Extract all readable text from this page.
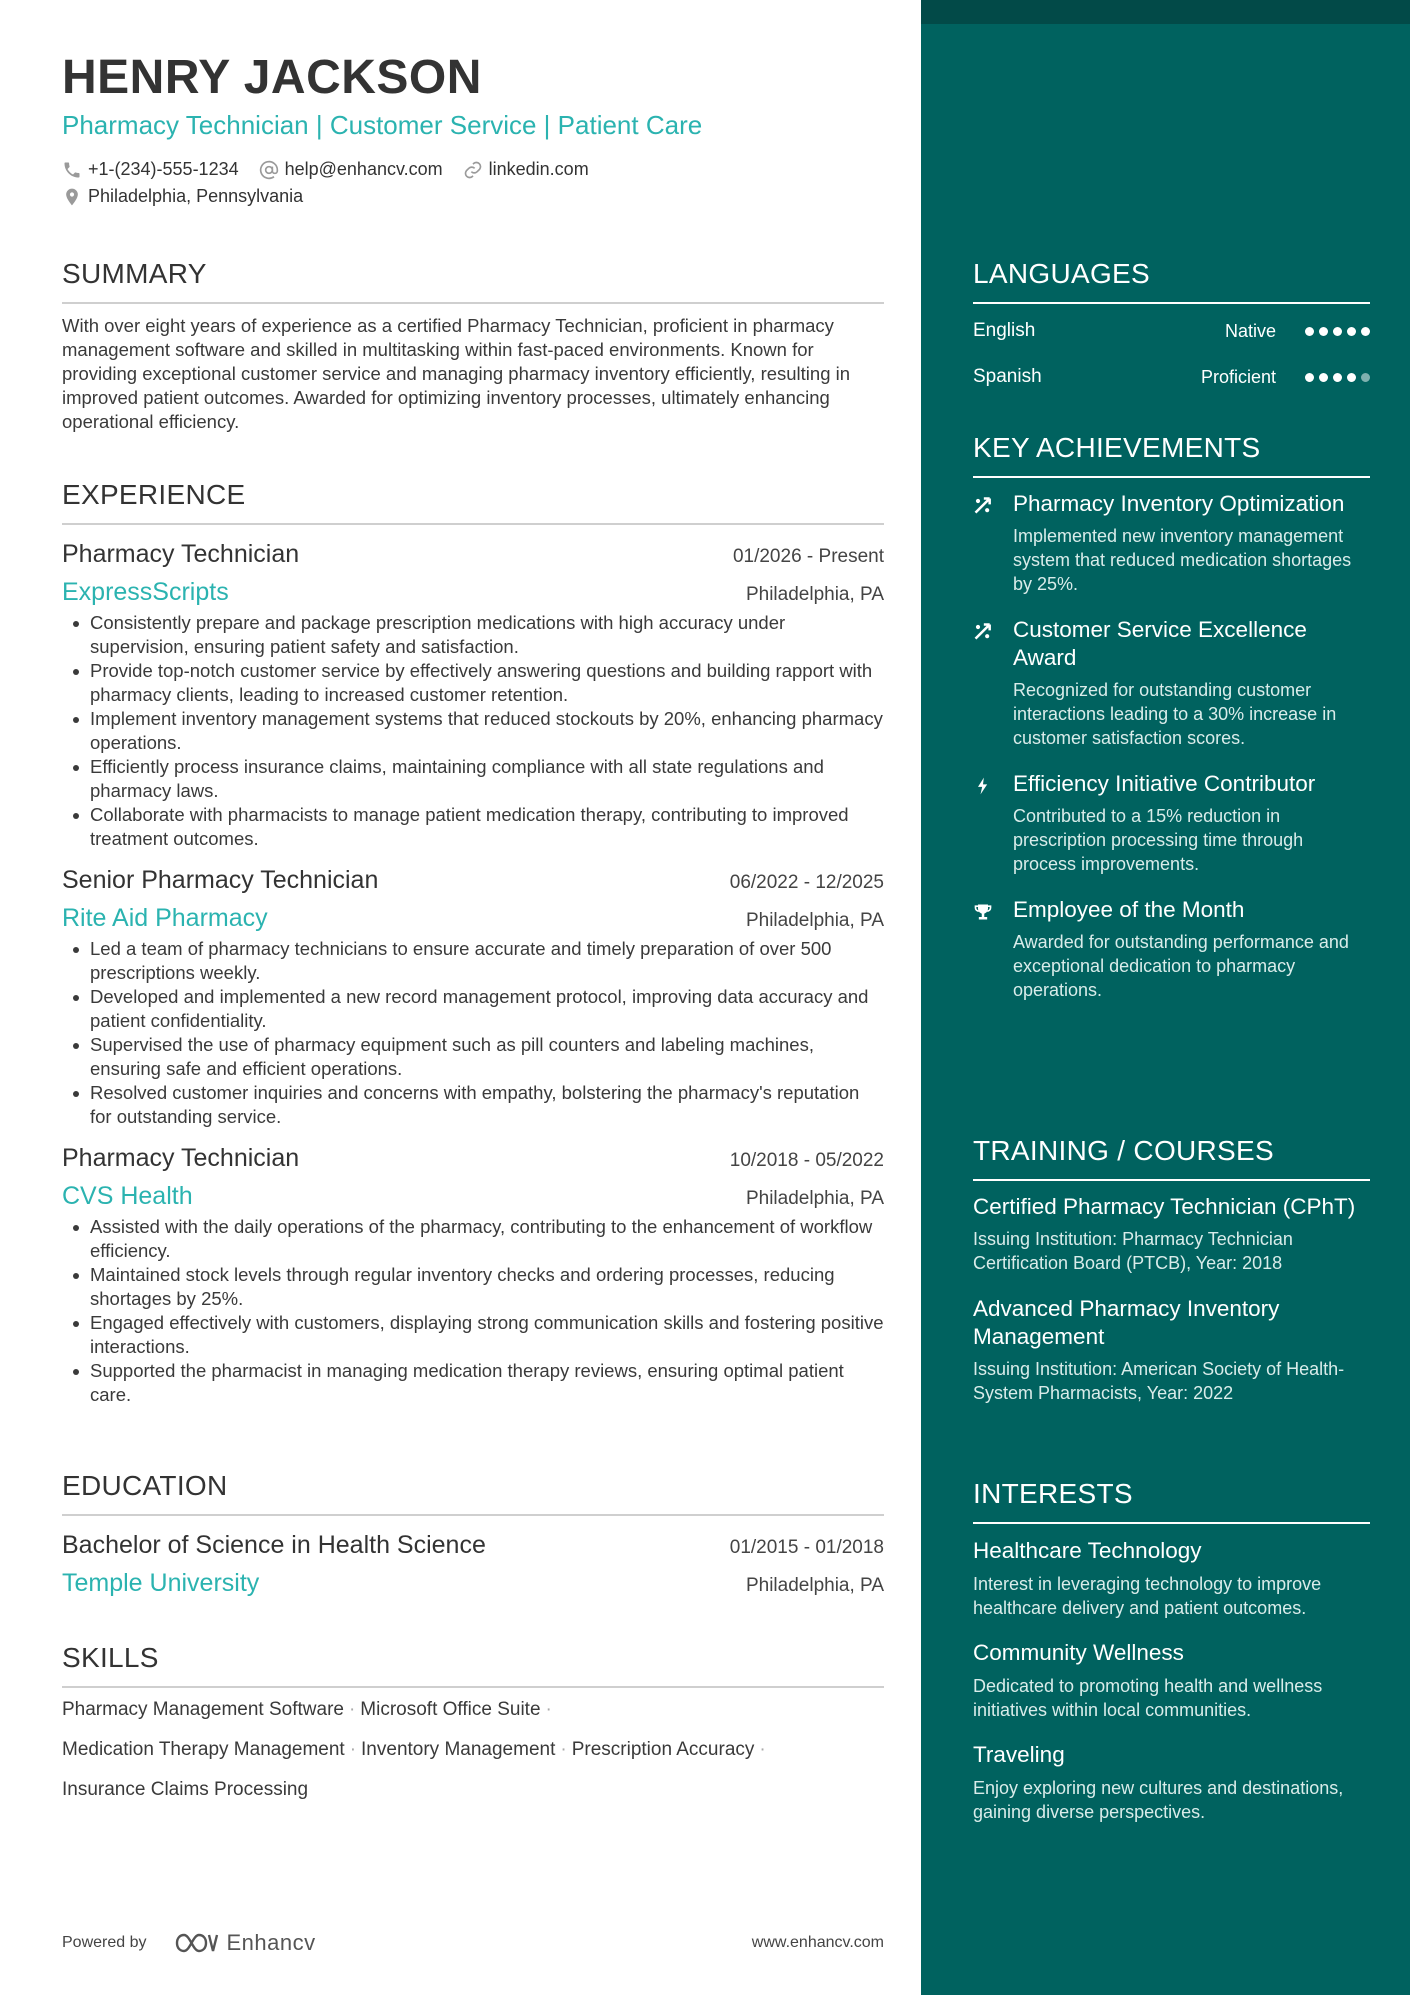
HENRY JACKSON
Pharmacy Technician | Customer Service | Patient Care
+1-(234)-555-1234	help@enhancv.com	linkedin.com
Philadelphia, Pennsylvania
SUMMARY
With over eight years of experience as a certified Pharmacy Technician, proficient in pharmacy management software and skilled in multitasking within fast-paced environments. Known for providing exceptional customer service and managing pharmacy inventory efficiently, resulting in improved patient outcomes. Awarded for optimizing inventory processes, ultimately enhancing operational efficiency.
EXPERIENCE
Pharmacy Technician	01/2026 - Present
ExpressScripts	Philadelphia, PA
Consistently prepare and package prescription medications with high accuracy under supervision, ensuring patient safety and satisfaction.
Provide top-notch customer service by effectively answering questions and building rapport with pharmacy clients, leading to increased customer retention.
Implement inventory management systems that reduced stockouts by 20%, enhancing pharmacy operations.
Efficiently process insurance claims, maintaining compliance with all state regulations and pharmacy laws.
Collaborate with pharmacists to manage patient medication therapy, contributing to improved treatment outcomes.
Senior Pharmacy Technician	06/2022 - 12/2025
Rite Aid Pharmacy	Philadelphia, PA
Led a team of pharmacy technicians to ensure accurate and timely preparation of over 500 prescriptions weekly.
Developed and implemented a new record management protocol, improving data accuracy and patient confidentiality.
Supervised the use of pharmacy equipment such as pill counters and labeling machines, ensuring safe and efficient operations.
Resolved customer inquiries and concerns with empathy, bolstering the pharmacy's reputation for outstanding service.
Pharmacy Technician	10/2018 - 05/2022
CVS Health	Philadelphia, PA
Assisted with the daily operations of the pharmacy, contributing to the enhancement of workflow efficiency.
Maintained stock levels through regular inventory checks and ordering processes, reducing shortages by 25%.
Engaged effectively with customers, displaying strong communication skills and fostering positive interactions.
Supported the pharmacist in managing medication therapy reviews, ensuring optimal patient care.
EDUCATION
Bachelor of Science in Health Science	01/2015 - 01/2018
Temple University	Philadelphia, PA
SKILLS
Pharmacy Management Software · Microsoft Office Suite ·
Medication Therapy Management · Inventory Management · Prescription Accuracy ·
Insurance Claims Processing
Powered by	Enhancv	www.enhancv.com
LANGUAGES
English	Native
Spanish	Proficient
KEY ACHIEVEMENTS
Pharmacy Inventory Optimization
Implemented new inventory management system that reduced medication shortages by 25%.
Customer Service Excellence Award
Recognized for outstanding customer interactions leading to a 30% increase in customer satisfaction scores.
Efficiency Initiative Contributor
Contributed to a 15% reduction in prescription processing time through process improvements.
Employee of the Month
Awarded for outstanding performance and exceptional dedication to pharmacy operations.
TRAINING / COURSES
Certified Pharmacy Technician (CPhT)
Issuing Institution: Pharmacy Technician Certification Board (PTCB), Year: 2018
Advanced Pharmacy Inventory Management
Issuing Institution: American Society of Health-System Pharmacists, Year: 2022
INTERESTS
Healthcare Technology
Interest in leveraging technology to improve healthcare delivery and patient outcomes.
Community Wellness
Dedicated to promoting health and wellness initiatives within local communities.
Traveling
Enjoy exploring new cultures and destinations, gaining diverse perspectives.
